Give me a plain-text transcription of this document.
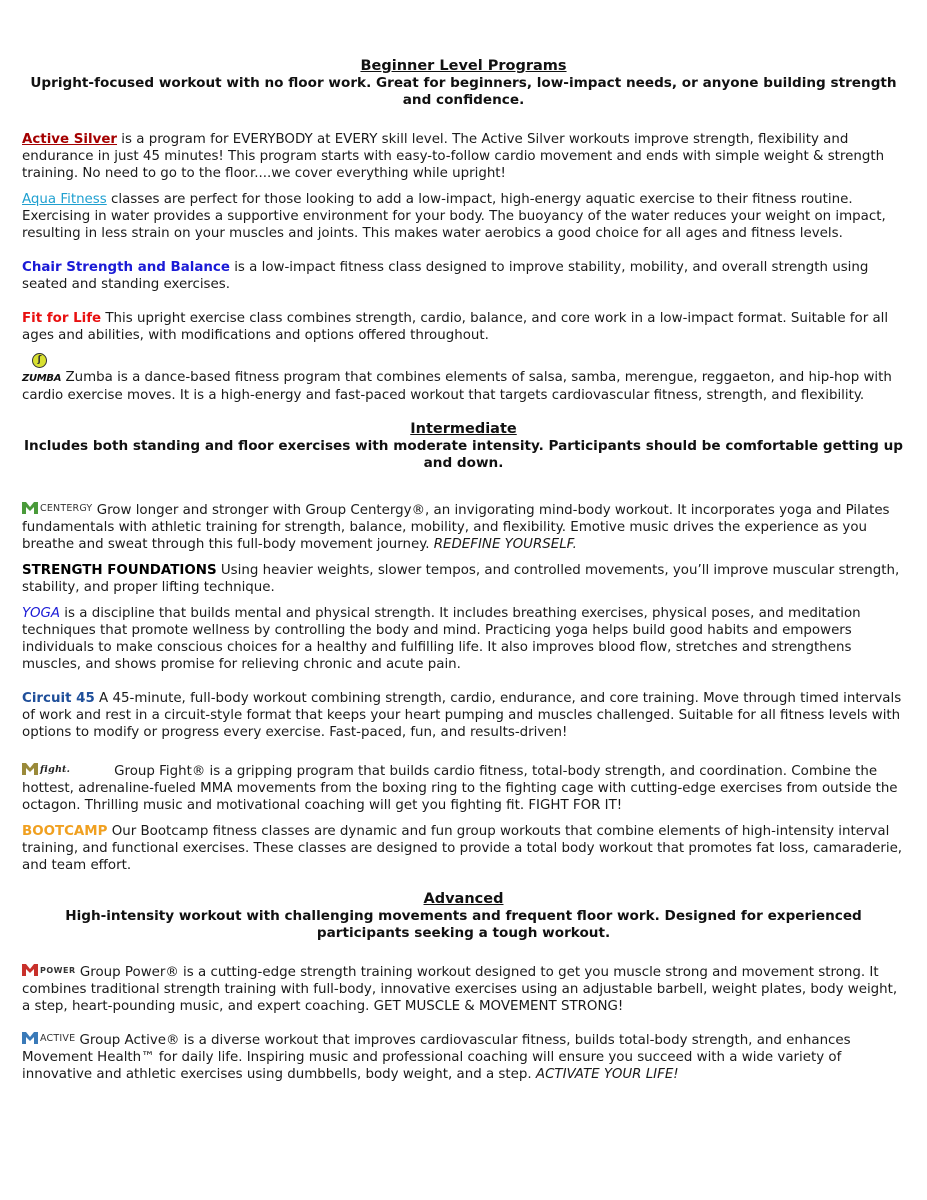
Beginner Level Programs

Upright-focused workout with no floor work. Great for beginners, low-impact needs, or anyone building strength and confidence.

Active Silver is a program for EVERYBODY at EVERY skill level. The Active Silver workouts improve strength, flexibility and endurance in just 45 minutes! This program starts with easy-to-follow cardio movement and ends with simple weight & strength training. No need to go to the floor....we cover everything while upright!

Aqua Fitness classes are perfect for those looking to add a low-impact, high-energy aquatic exercise to their fitness routine. Exercising in water provides a supportive environment for your body. The buoyancy of the water reduces your weight on impact, resulting in less strain on your muscles and joints. This makes water aerobics a good choice for all ages and fitness levels.

Chair Strength and Balance is a low-impact fitness class designed to improve stability, mobility, and overall strength using seated and standing exercises.

Fit for Life This upright exercise class combines strength, cardio, balance, and core work in a low-impact format. Suitable for all ages and abilities, with modifications and options offered throughout.

ʃ
ZUMBA Zumba is a dance-based fitness program that combines elements of salsa, samba, merengue, reggaeton, and hip-hop with cardio exercise moves. It is a high-energy and fast-paced workout that targets cardiovascular fitness, strength, and flexibility.

Intermediate

Includes both standing and floor exercises with moderate intensity. Participants should be comfortable getting up and down.

CENTERGY Grow longer and stronger with Group Centergy®, an invigorating mind-body workout. It incorporates yoga and Pilates fundamentals with athletic training for strength, balance, mobility, and flexibility. Emotive music drives the experience as you breathe and sweat through this full-body movement journey. REDEFINE YOURSELF.

STRENGTH FOUNDATIONS Using heavier weights, slower tempos, and controlled movements, you’ll improve muscular strength, stability, and proper lifting technique.

YOGA is a discipline that builds mental and physical strength. It includes breathing exercises, physical poses, and meditation techniques that promote wellness by controlling the body and mind. Practicing yoga helps build good habits and empowers individuals to make conscious choices for a healthy and fulfilling life. It also improves blood flow, stretches and strengthens muscles, and shows promise for relieving chronic and acute pain.

Circuit 45 A 45-minute, full-body workout combining strength, cardio, endurance, and core training. Move through timed intervals of work and rest in a circuit-style format that keeps your heart pumping and muscles challenged. Suitable for all fitness levels with options to modify or progress every exercise. Fast-paced, fun, and results-driven!

fight.	Group Fight® is a gripping program that builds cardio fitness, total-body strength, and coordination. Combine the hottest, adrenaline-fueled MMA movements from the boxing ring to the fighting cage with cutting-edge exercises from outside the octagon. Thrilling music and motivational coaching will get you fighting fit. FIGHT FOR IT!

BOOTCAMP Our Bootcamp fitness classes are dynamic and fun group workouts that combine elements of high-intensity interval training, and functional exercises. These classes are designed to provide a total body workout that promotes fat loss, camaraderie, and team effort.

Advanced

High-intensity workout with challenging movements and frequent floor work. Designed for experienced participants seeking a tough workout.

POWER Group Power® is a cutting-edge strength training workout designed to get you muscle strong and movement strong. It combines traditional strength training with full-body, innovative exercises using an adjustable barbell, weight plates, body weight, a step, heart-pounding music, and expert coaching. GET MUSCLE & MOVEMENT STRONG!

ACTIVE Group Active® is a diverse workout that improves cardiovascular fitness, builds total-body strength, and enhances Movement Health™ for daily life. Inspiring music and professional coaching will ensure you succeed with a wide variety of innovative and athletic exercises using dumbbells, body weight, and a step. ACTIVATE YOUR LIFE!
